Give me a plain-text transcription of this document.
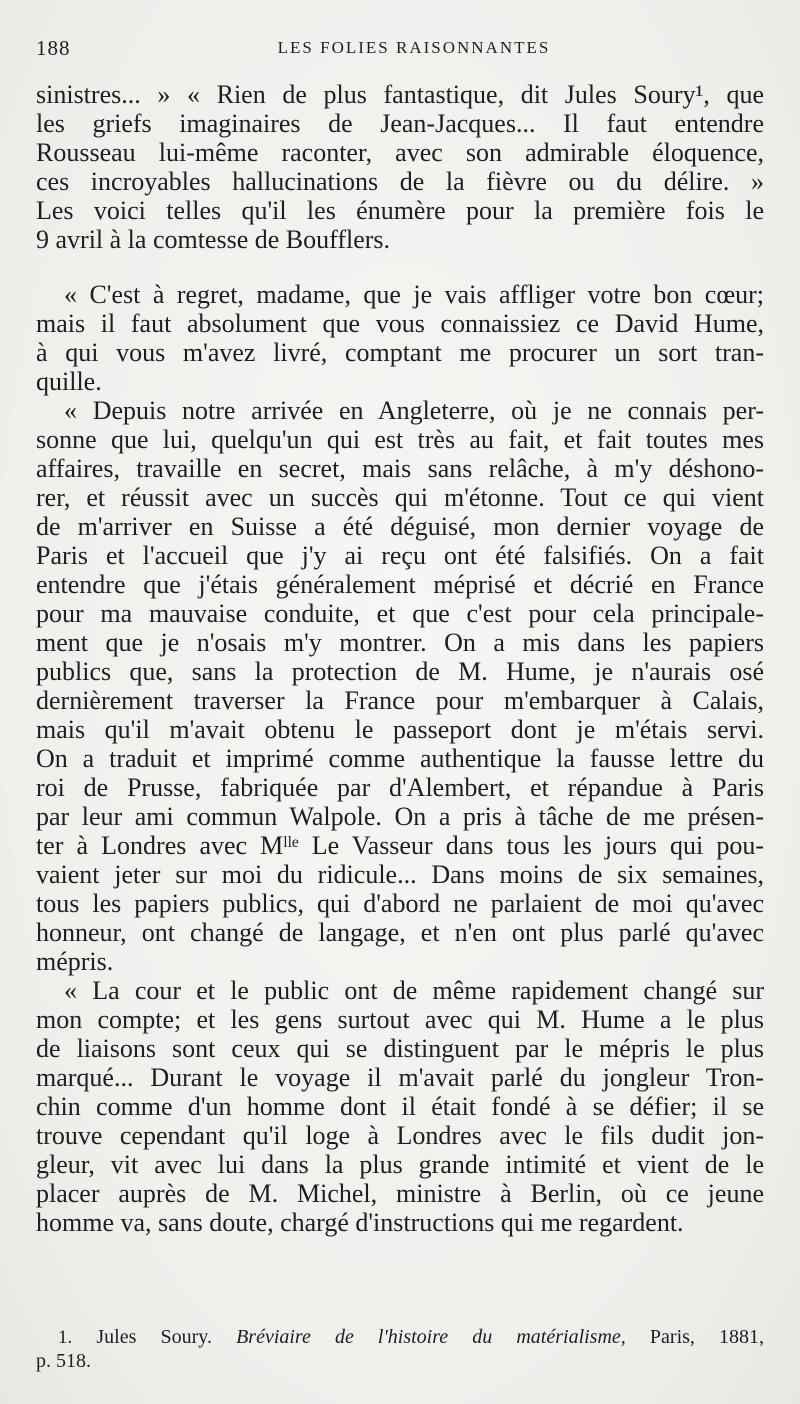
188	LES FOLIES RAISONNANTES
sinistres... » « Rien de plus fantastique, dit Jules Soury¹, que
les griefs imaginaires de Jean-Jacques... Il faut entendre
Rousseau lui-même raconter, avec son admirable éloquence,
ces incroyables hallucinations de la fièvre ou du délire. »
Les voici telles qu'il les énumère pour la première fois le
9 avril à la comtesse de Boufflers.
« C'est à regret, madame, que je vais affliger votre bon cœur;
mais il faut absolument que vous connaissiez ce David Hume,
à qui vous m'avez livré, comptant me procurer un sort tran-
quille.
« Depuis notre arrivée en Angleterre, où je ne connais per-
sonne que lui, quelqu'un qui est très au fait, et fait toutes mes
affaires, travaille en secret, mais sans relâche, à m'y déshono-
rer, et réussit avec un succès qui m'étonne. Tout ce qui vient
de m'arriver en Suisse a été déguisé, mon dernier voyage de
Paris et l'accueil que j'y ai reçu ont été falsifiés. On a fait
entendre que j'étais généralement méprisé et décrié en France
pour ma mauvaise conduite, et que c'est pour cela principale-
ment que je n'osais m'y montrer. On a mis dans les papiers
publics que, sans la protection de M. Hume, je n'aurais osé
dernièrement traverser la France pour m'embarquer à Calais,
mais qu'il m'avait obtenu le passeport dont je m'étais servi.
On a traduit et imprimé comme authentique la fausse lettre du
roi de Prusse, fabriquée par d'Alembert, et répandue à Paris
par leur ami commun Walpole. On a pris à tâche de me présen-
ter à Londres avec Mˡˡᵉ Le Vasseur dans tous les jours qui pou-
vaient jeter sur moi du ridicule... Dans moins de six semaines,
tous les papiers publics, qui d'abord ne parlaient de moi qu'avec
honneur, ont changé de langage, et n'en ont plus parlé qu'avec
mépris.
« La cour et le public ont de même rapidement changé sur
mon compte; et les gens surtout avec qui M. Hume a le plus
de liaisons sont ceux qui se distinguent par le mépris le plus
marqué... Durant le voyage il m'avait parlé du jongleur Tron-
chin comme d'un homme dont il était fondé à se défier; il se
trouve cependant qu'il loge à Londres avec le fils dudit jon-
gleur, vit avec lui dans la plus grande intimité et vient de le
placer auprès de M. Michel, ministre à Berlin, où ce jeune
homme va, sans doute, chargé d'instructions qui me regardent.
1. Jules Soury. Bréviaire de l'histoire du matérialisme, Paris, 1881,
p. 518.
